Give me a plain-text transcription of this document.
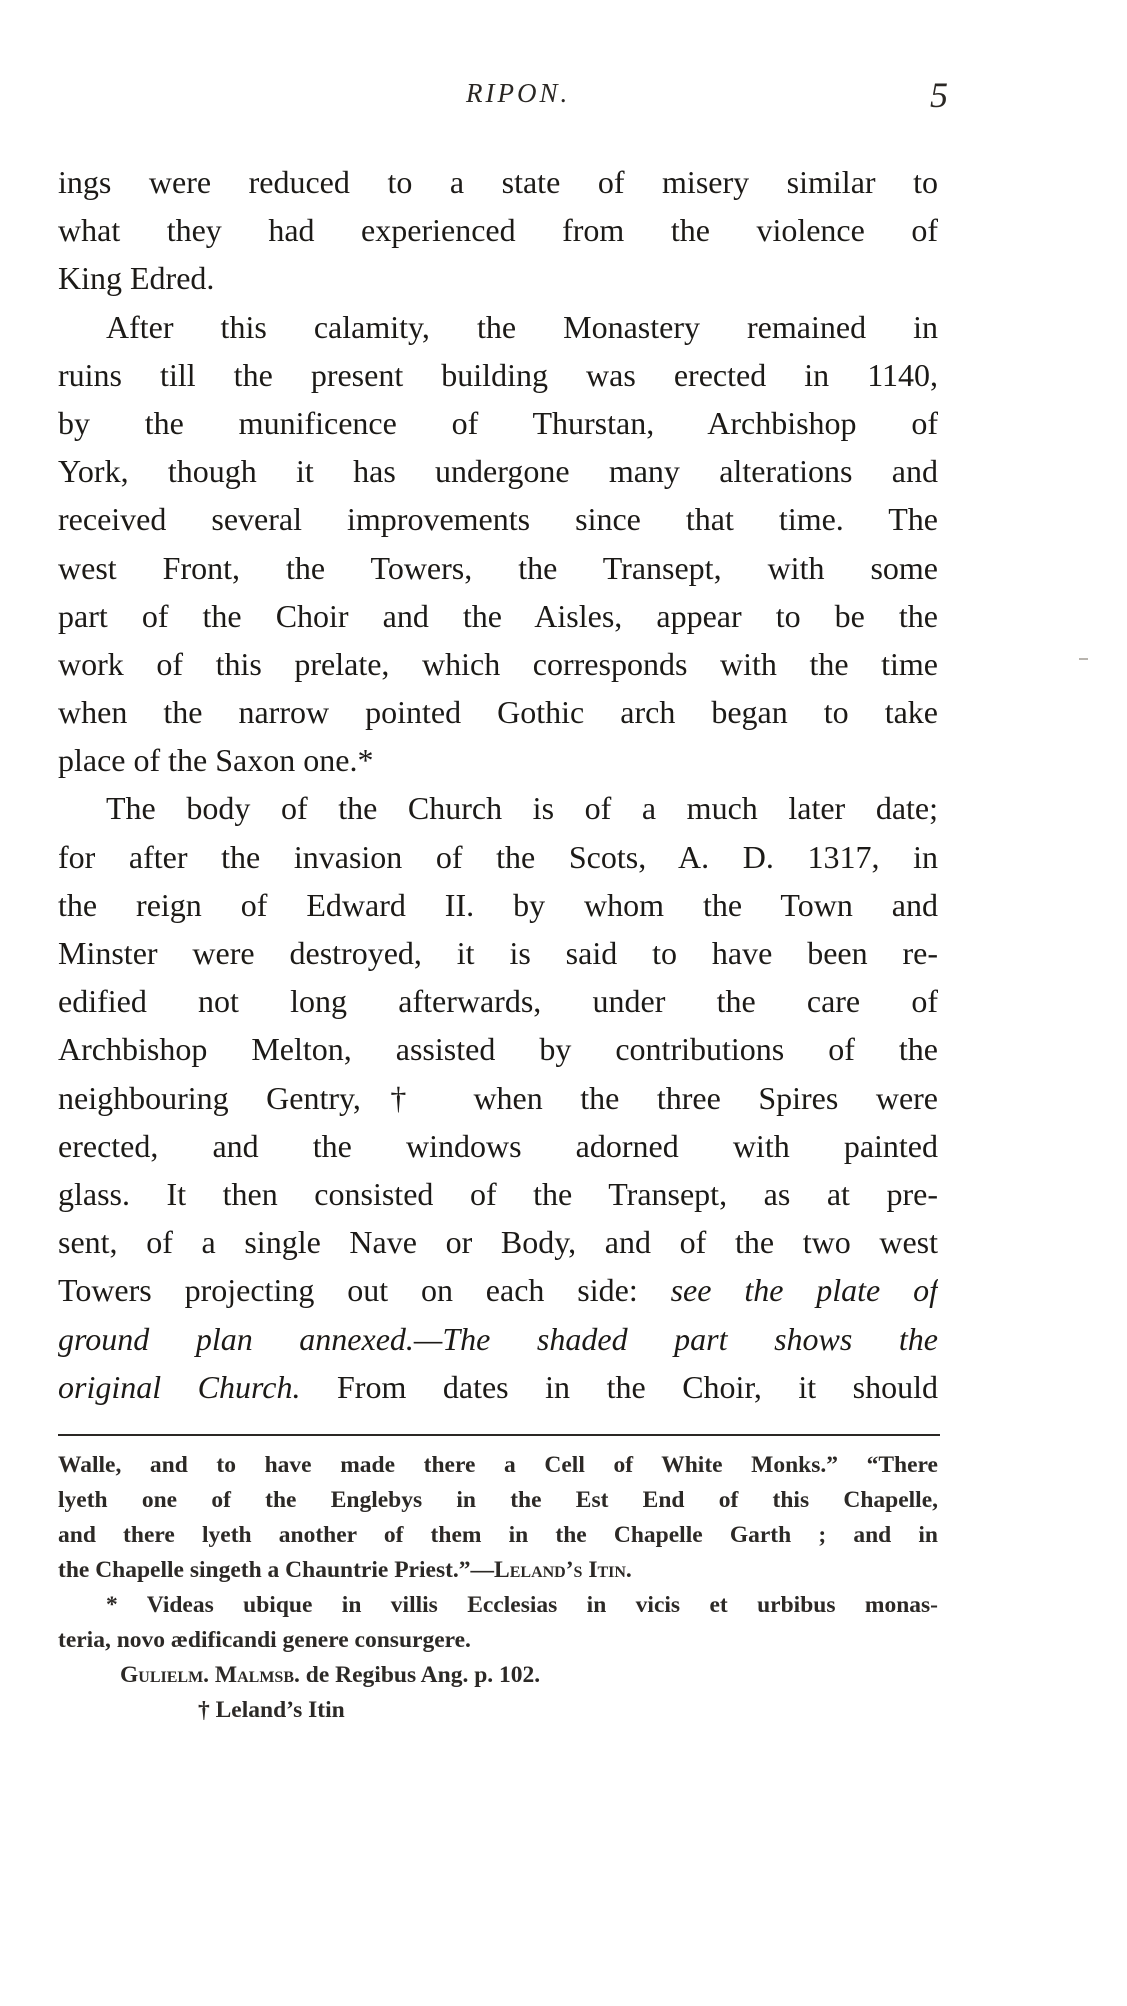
RIPON.	5
ings were reduced to a state of misery similar to
what they had experienced from the violence of
King Edred.
After this calamity, the Monastery remained in
ruins till the present building was erected in 1140,
by the munificence of Thurstan, Archbishop of
York, though it has undergone many alterations and
received several improvements since that time. The
west Front, the Towers, the Transept, with some
part of the Choir and the Aisles, appear to be the
work of this prelate, which corresponds with the time
when the narrow pointed Gothic arch began to take
place of the Saxon one.*
The body of the Church is of a much later date;
for after the invasion of the Scots, A. D. 1317, in
the reign of Edward II. by whom the Town and
Minster were destroyed, it is said to have been re-
edified not long afterwards, under the care of
Archbishop Melton, assisted by contributions of the
neighbouring Gentry,† when the three Spires were
erected, and the windows adorned with painted
glass. It then consisted of the Transept, as at pre-
sent, of a single Nave or Body, and of the two west
Towers projecting out on each side: see the plate of
ground plan annexed.—The shaded part shows the
original Church. From dates in the Choir, it should
Walle, and to have made there a Cell of White Monks.” “There
lyeth one of the Englebys in the Est End of this Chapelle,
and there lyeth another of them in the Chapelle Garth ; and in
the Chapelle singeth a Chauntrie Priest.”—Leland’s Itin.
* Videas ubique in villis Ecclesias in vicis et urbibus monas-
teria, novo ædificandi genere consurgere.
Gulielm. Malmsb. de Regibus Ang. p. 102.
† Leland’s Itin
